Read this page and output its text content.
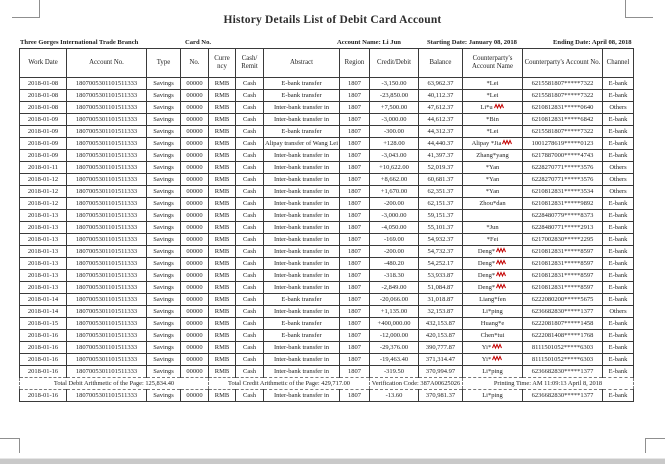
History Details List of Debit Card Account
Three Gorges International Trade Branch	Card No.	Account Name: Li Jun	Starting Date: January 08, 2018	Ending Date: April 08, 2018
Work Date	Account No.	Type	No.	Curre ncy	Cash/ Remit	Abstract	Region	Credit/Debit	Balance	Counterparty's Account Name	Counterparty's Account No.	Channel
2018-01-08	1807005301101511333	Savings	00000	RMB	Cash	E-bank transfer	1807	-3,150.00	63,962.37	*Lei	6215581807*****7322	E-bank
2018-01-08	1807005301101511333	Savings	00000	RMB	Cash	E-bank transfer	1807	-23,850.00	40,112.37	*Lei	6215581807*****7322	E-bank
2018-01-08	1807005301101511333	Savings	00000	RMB	Cash	Inter-bank transfer in	1807	+7,500.00	47,612.37	Li*u	6210812831*****0640	Others
2018-01-09	1807005301101511333	Savings	00000	RMB	Cash	Inter-bank transfer in	1807	-3,000.00	44,612.37	*Bin	6210812831*****6842	E-bank
2018-01-09	1807005301101511333	Savings	00000	RMB	Cash	E-bank transfer	1807	-300.00	44,312.37	*Lei	6215581807*****7322	E-bank
2018-01-09	1807005301101511333	Savings	00000	RMB	Cash	Alipay transfer of Wang Lei	1807	+128.00	44,440.37	Alipay *Jia	1001278619*****0123	E-bank
2018-01-09	1807005301101511333	Savings	00000	RMB	Cash	Inter-bank transfer in	1807	-3,043.00	41,397.37	Zhang*yang	6217887000*****4743	E-bank
2018-01-11	1807005301101511333	Savings	00000	RMB	Cash	Inter-bank transfer in	1807	+10,622.00	52,019.37	*Yan	6228270771*****3576	Others
2018-01-12	1807005301101511333	Savings	00000	RMB	Cash	Inter-bank transfer in	1807	+8,662.00	60,681.37	*Yan	6228270771*****3576	Others
2018-01-12	1807005301101511333	Savings	00000	RMB	Cash	Inter-bank transfer in	1807	+1,670.00	62,351.37	*Yan	6210812831*****3534	Others
2018-01-12	1807005301101511333	Savings	00000	RMB	Cash	Inter-bank transfer in	1807	-200.00	62,151.37	Zhou*dan	6210812831*****9892	E-bank
2018-01-13	1807005301101511333	Savings	00000	RMB	Cash	Inter-bank transfer in	1807	-3,000.00	59,151.37		6228480779*****8373	E-bank
2018-01-13	1807005301101511333	Savings	00000	RMB	Cash	Inter-bank transfer in	1807	-4,050.00	55,101.37	*Jun	6228480771*****2913	E-bank
2018-01-13	1807005301101511333	Savings	00000	RMB	Cash	Inter-bank transfer in	1807	-169.00	54,932.37	*Fei	6217002830*****2295	E-bank
2018-01-13	1807005301101511333	Savings	00000	RMB	Cash	Inter-bank transfer in	1807	-200.00	54,732.37	Deng*	6210812831*****8597	E-bank
2018-01-13	1807005301101511333	Savings	00000	RMB	Cash	Inter-bank transfer in	1807	-480.20	54,252.17	Deng*	6210812831*****8597	E-bank
2018-01-13	1807005301101511333	Savings	00000	RMB	Cash	Inter-bank transfer in	1807	-318.30	53,933.87	Deng*	6210812831*****8597	E-bank
2018-01-13	1807005301101511333	Savings	00000	RMB	Cash	Inter-bank transfer in	1807	-2,849.00	51,084.87	Deng*	6210812831*****8597	E-bank
2018-01-14	1807005301101511333	Savings	00000	RMB	Cash	E-bank transfer	1807	-20,066.00	31,018.87	Liang*fen	6222080200*****5675	E-bank
2018-01-14	1807005301101511333	Savings	00000	RMB	Cash	Inter-bank transfer in	1807	+1,135.00	32,153.87	Li*ping	6236682830*****1377	Others
2018-01-15	1807005301101511333	Savings	00000	RMB	Cash	E-bank transfer	1807	+400,000.00	432,153.87	Huang*e	6222081807*****1458	E-bank
2018-01-16	1807005301101511333	Savings	00000	RMB	Cash	E-bank transfer	1807	-12,000.00	420,153.87	Chen*tui	6222081408*****1768	E-bank
2018-01-16	1807005301101511333	Savings	00000	RMB	Cash	Inter-bank transfer in	1807	-29,376.00	390,777.87	Yi*	8111501052*****6303	E-bank
2018-01-16	1807005301101511333	Savings	00000	RMB	Cash	Inter-bank transfer in	1807	-19,463.40	371,314.47	Yi*	8111501052*****6303	E-bank
2018-01-16	1807005301101511333	Savings	00000	RMB	Cash	Inter-bank transfer in	1807	-319.50	370,994.97	Li*ping	6236682830*****1377	E-bank
Total Debit Arithmetic of the Page: 125,834.40				Total Credit Arithmetic of the Page: 429,717.00				Verification Code: 387A00625026		Printing Time: AM 11:09:13 April 8, 2018		
2018-01-16	1807005301101511333	Savings	00000	RMB	Cash	Inter-bank transfer in	1807	-13.60	370,981.37	Li*ping	6236682830*****1377	E-bank
